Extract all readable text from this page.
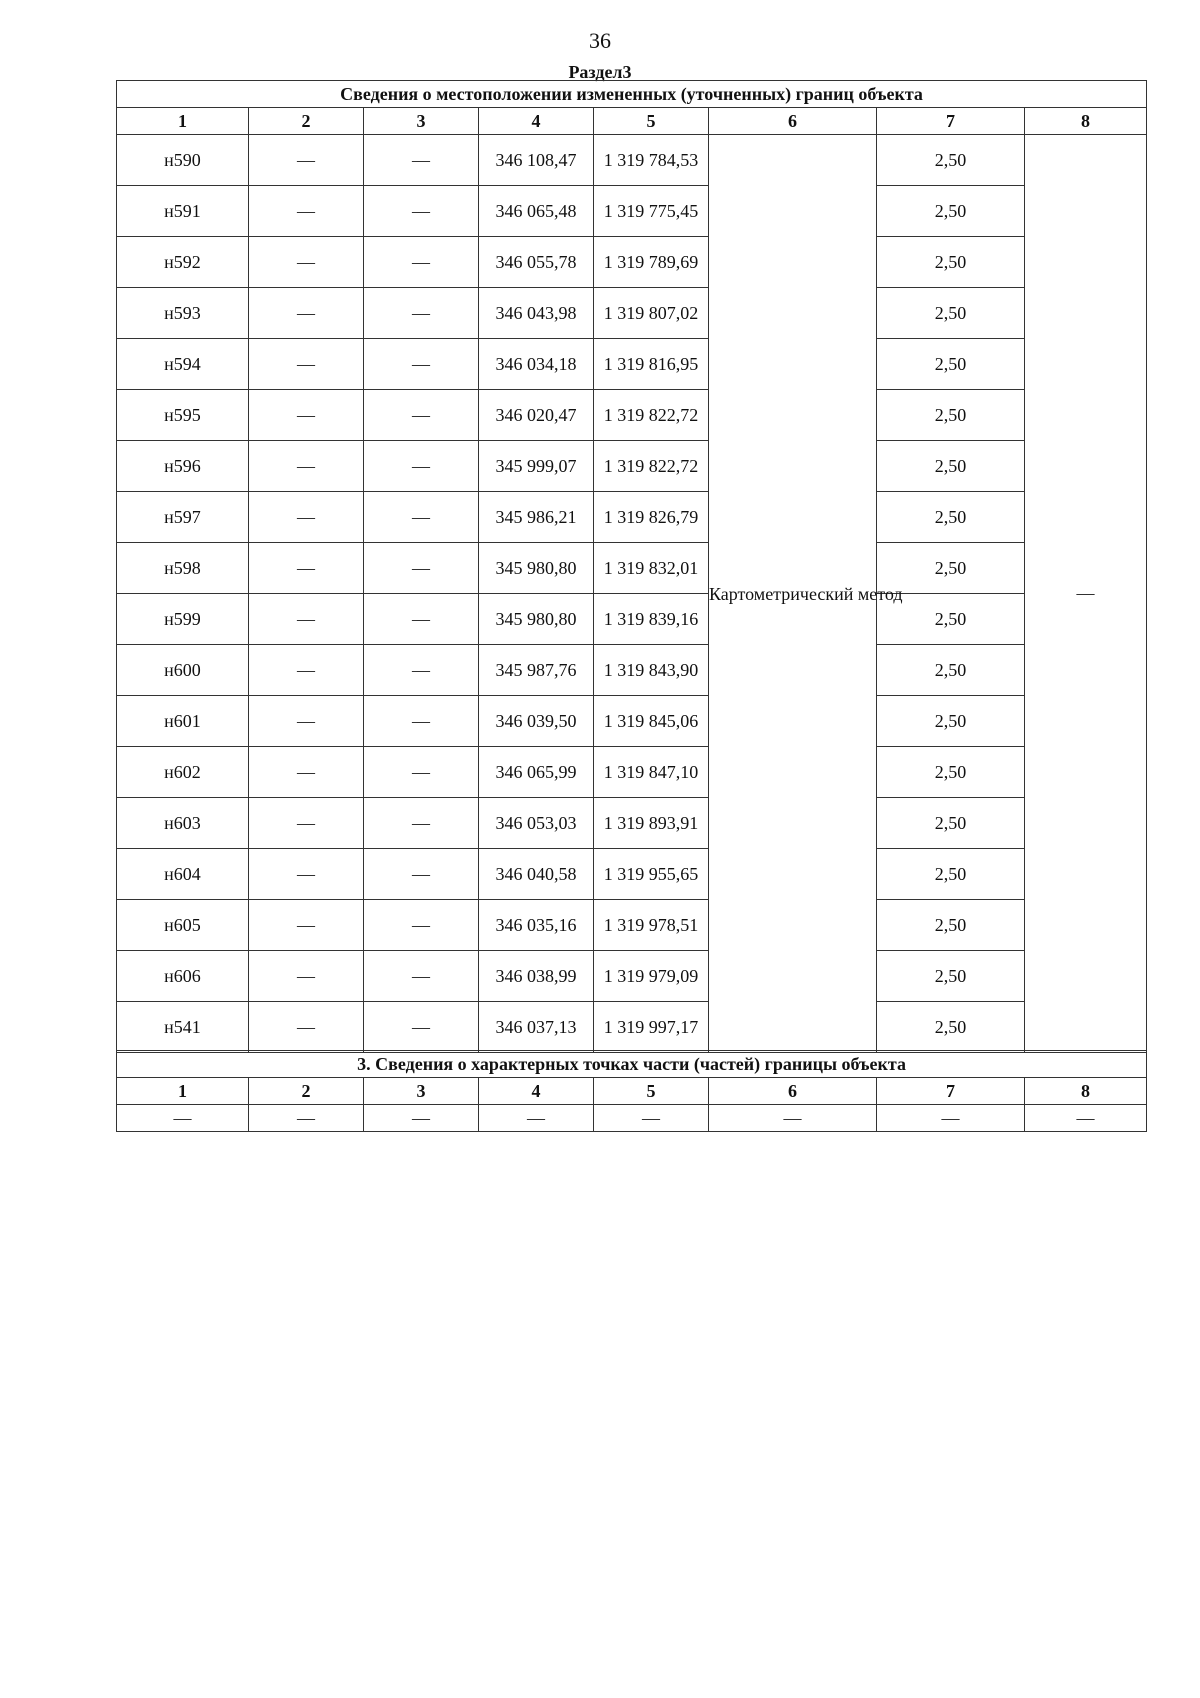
36
Раздел3
Сведения о местоположении измененных (уточненных) границ объекта							
1	2	3	4	5	6	7	8
н590	—	—	346 108,47	1 319 784,53	Картометрический метод	2,50	—
н591	—	—	346 065,48	1 319 775,45		2,50	
н592	—	—	346 055,78	1 319 789,69		2,50	
н593	—	—	346 043,98	1 319 807,02		2,50	
н594	—	—	346 034,18	1 319 816,95		2,50	
н595	—	—	346 020,47	1 319 822,72		2,50	
н596	—	—	345 999,07	1 319 822,72		2,50	
н597	—	—	345 986,21	1 319 826,79		2,50	
н598	—	—	345 980,80	1 319 832,01		2,50	
н599	—	—	345 980,80	1 319 839,16		2,50	
н600	—	—	345 987,76	1 319 843,90		2,50	
н601	—	—	346 039,50	1 319 845,06		2,50	
н602	—	—	346 065,99	1 319 847,10		2,50	
н603	—	—	346 053,03	1 319 893,91		2,50	
н604	—	—	346 040,58	1 319 955,65		2,50	
н605	—	—	346 035,16	1 319 978,51		2,50	
н606	—	—	346 038,99	1 319 979,09		2,50	
н541	—	—	346 037,13	1 319 997,17		2,50	
3. Сведения о характерных точках части (частей) границы объекта							
1	2	3	4	5	6	7	8
—	—	—	—	—	—	—	—
